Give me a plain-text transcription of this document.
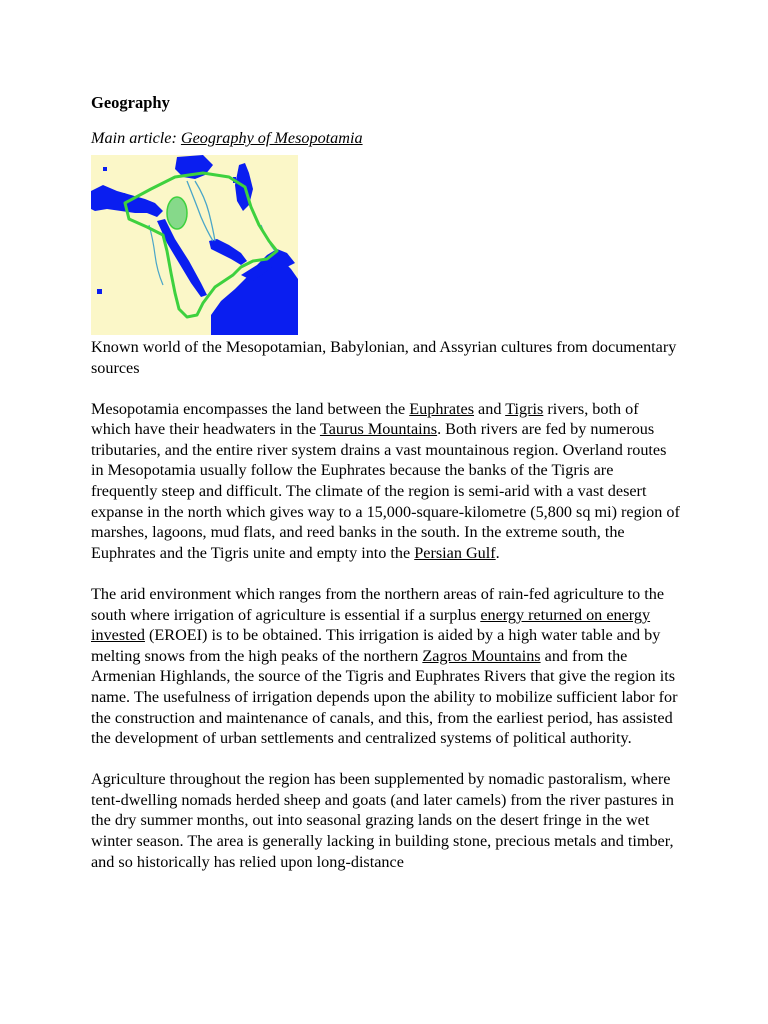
Geography

Main article: Geography of Mesopotamia

Known world of the Mesopotamian, Babylonian, and Assyrian cultures from documentary sources

Mesopotamia encompasses the land between the Euphrates and Tigris rivers, both of which have their headwaters in the Taurus Mountains. Both rivers are fed by numerous tributaries, and the entire river system drains a vast mountainous region. Overland routes in Mesopotamia usually follow the Euphrates because the banks of the Tigris are frequently steep and difficult. The climate of the region is semi-arid with a vast desert expanse in the north which gives way to a 15,000-square-kilometre (5,800 sq mi) region of marshes, lagoons, mud flats, and reed banks in the south. In the extreme south, the Euphrates and the Tigris unite and empty into the Persian Gulf.

The arid environment which ranges from the northern areas of rain-fed agriculture to the south where irrigation of agriculture is essential if a surplus energy returned on energy invested (EROEI) is to be obtained. This irrigation is aided by a high water table and by melting snows from the high peaks of the northern Zagros Mountains and from the Armenian Highlands, the source of the Tigris and Euphrates Rivers that give the region its name. The usefulness of irrigation depends upon the ability to mobilize sufficient labor for the construction and maintenance of canals, and this, from the earliest period, has assisted the development of urban settlements and centralized systems of political authority.

Agriculture throughout the region has been supplemented by nomadic pastoralism, where tent-dwelling nomads herded sheep and goats (and later camels) from the river pastures in the dry summer months, out into seasonal grazing lands on the desert fringe in the wet winter season. The area is generally lacking in building stone, precious metals and timber, and so historically has relied upon long-distance
